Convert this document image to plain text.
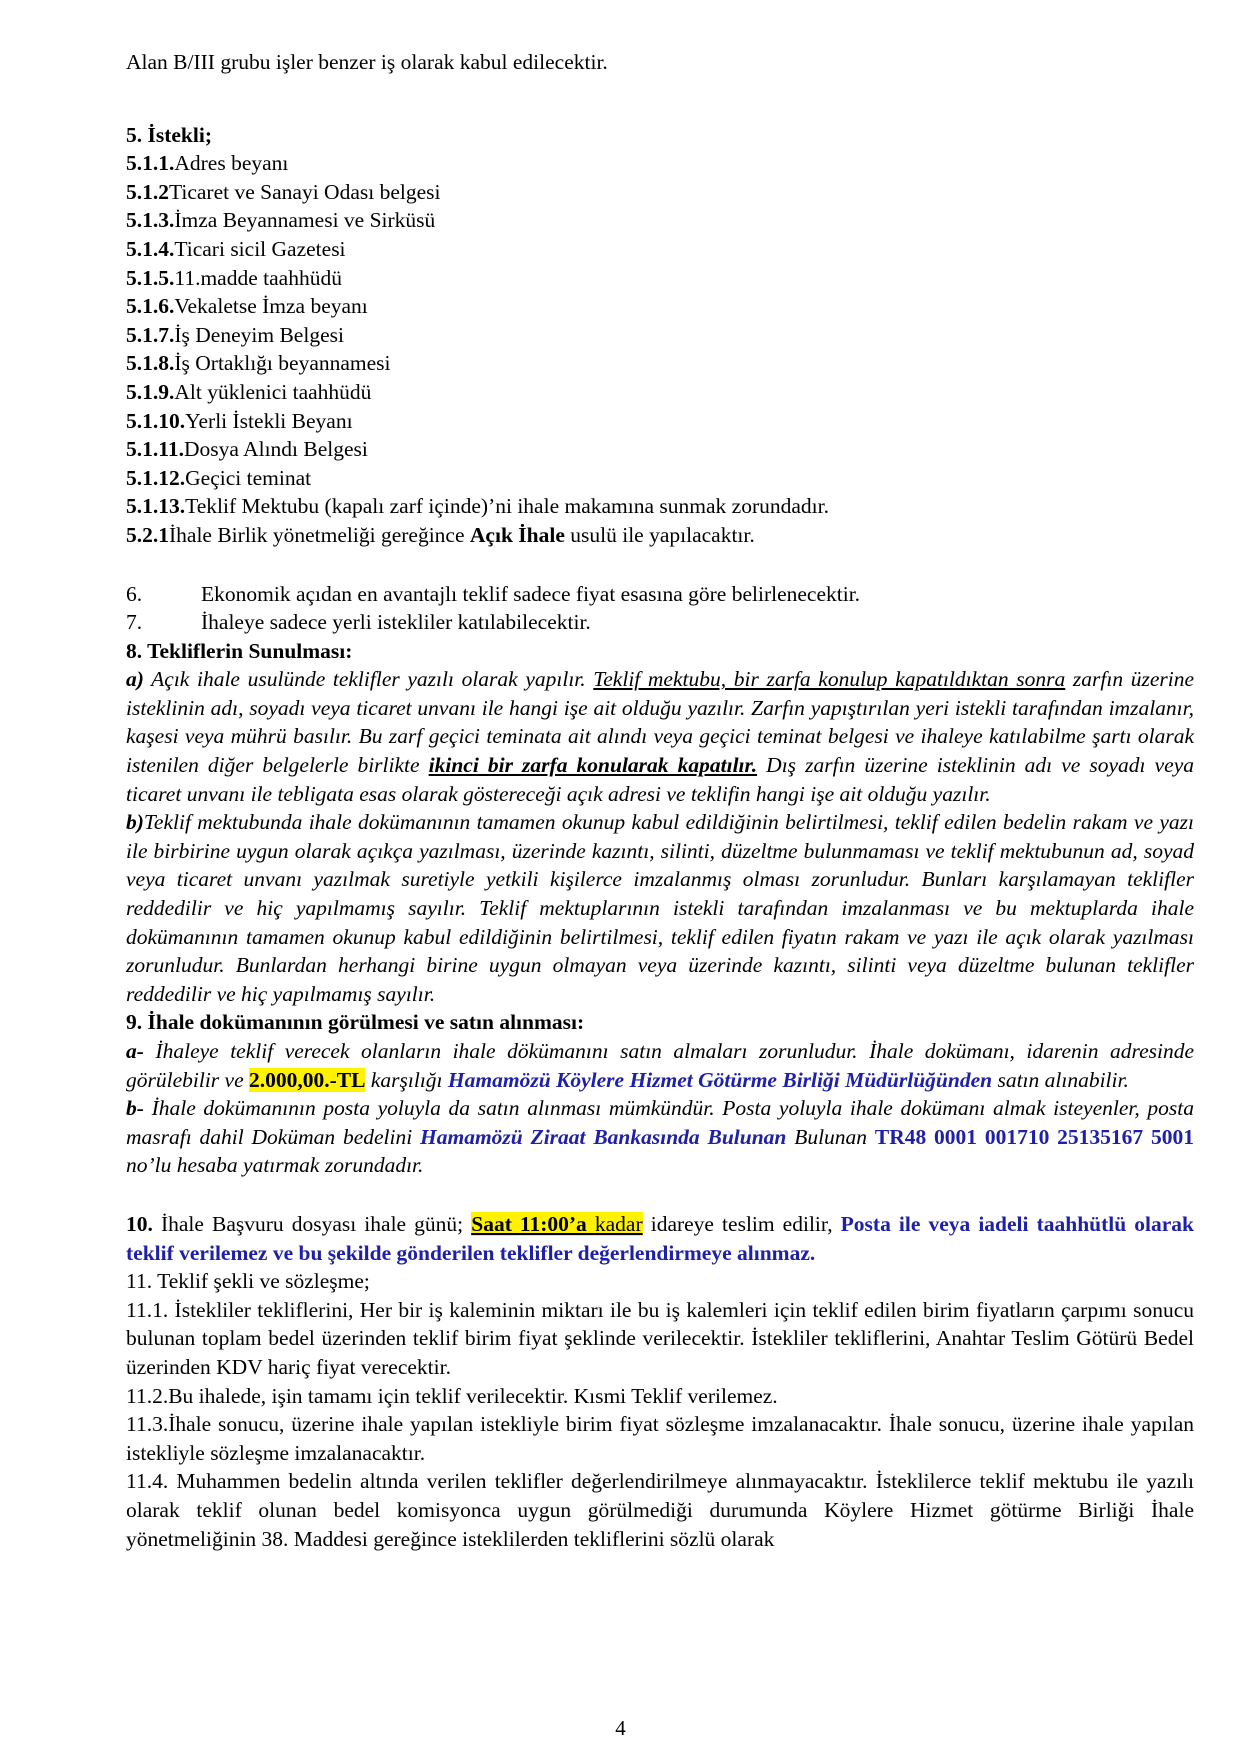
Alan B/III grubu işler benzer iş olarak kabul edilecektir.

5. İstekli;

5.1.1.Adres beyanı

5.1.2Ticaret ve Sanayi Odası belgesi

5.1.3.İmza Beyannamesi ve Sirküsü

5.1.4.Ticari sicil Gazetesi

5.1.5.11.madde taahhüdü

5.1.6.Vekaletse İmza beyanı

5.1.7.İş Deneyim Belgesi

5.1.8.İş Ortaklığı beyannamesi

5.1.9.Alt yüklenici taahhüdü

5.1.10.Yerli İstekli Beyanı

5.1.11.Dosya Alındı Belgesi

5.1.12.Geçici teminat

5.1.13.Teklif Mektubu (kapalı zarf içinde)’ni ihale makamına sunmak zorundadır.

5.2.1İhale Birlik yönetmeliği gereğince Açık İhale usulü ile yapılacaktır.

6.	Ekonomik açıdan en avantajlı teklif sadece fiyat esasına göre belirlenecektir.
7.	İhaleye sadece yerli istekliler katılabilecektir.

8. Tekliflerin Sunulması:

a) Açık ihale usulünde teklifler yazılı olarak yapılır. Teklif mektubu, bir zarfa konulup kapatıldıktan sonra zarfın üzerine isteklinin adı, soyadı veya ticaret unvanı ile hangi işe ait olduğu yazılır. Zarfın yapıştırılan yeri istekli tarafından imzalanır, kaşesi veya mührü basılır. Bu zarf geçici teminata ait alındı veya geçici teminat belgesi ve ihaleye katılabilme şartı olarak istenilen diğer belgelerle birlikte ikinci bir zarfa konularak kapatılır. Dış zarfın üzerine isteklinin adı ve soyadı veya ticaret unvanı ile tebligata esas olarak göstereceği açık adresi ve teklifin hangi işe ait olduğu yazılır.

b)Teklif mektubunda ihale dokümanının tamamen okunup kabul edildiğinin belirtilmesi, teklif edilen bedelin rakam ve yazı ile birbirine uygun olarak açıkça yazılması, üzerinde kazıntı, silinti, düzeltme bulunmaması ve teklif mektubunun ad, soyad veya ticaret unvanı yazılmak suretiyle yetkili kişilerce imzalanmış olması zorunludur. Bunları karşılamayan teklifler reddedilir ve hiç yapılmamış sayılır. Teklif mektuplarının istekli tarafından imzalanması ve bu mektuplarda ihale dokümanının tamamen okunup kabul edildiğinin belirtilmesi, teklif edilen fiyatın rakam ve yazı ile açık olarak yazılması zorunludur. Bunlardan herhangi birine uygun olmayan veya üzerinde kazıntı, silinti veya düzeltme bulunan teklifler reddedilir ve hiç yapılmamış sayılır.

9. İhale dokümanının görülmesi ve satın alınması:

a- İhaleye teklif verecek olanların ihale dökümanını satın almaları zorunludur. İhale dokümanı, idarenin adresinde görülebilir ve 2.000,00.-TL karşılığı Hamamözü Köylere Hizmet Götürme Birliği Müdürlüğünden satın alınabilir.

b- İhale dokümanının posta yoluyla da satın alınması mümkündür. Posta yoluyla ihale dokümanı almak isteyenler, posta masrafı dahil Doküman bedelini Hamamözü Ziraat Bankasında Bulunan Bulunan TR48 0001 001710 25135167 5001 no’lu hesaba yatırmak zorundadır.

10. İhale Başvuru dosyası ihale günü; Saat 11:00’a kadar idareye teslim edilir, Posta ile veya iadeli taahhütlü olarak teklif verilemez ve bu şekilde gönderilen teklifler değerlendirmeye alınmaz.

11. Teklif şekli ve sözleşme;

11.1. İstekliler tekliflerini, Her bir iş kaleminin miktarı ile bu iş kalemleri için teklif edilen birim fiyatların çarpımı sonucu bulunan toplam bedel üzerinden teklif birim fiyat şeklinde verilecektir. İstekliler tekliflerini, Anahtar Teslim Götürü Bedel üzerinden KDV hariç fiyat verecektir.

11.2.Bu ihalede, işin tamamı için teklif verilecektir. Kısmi Teklif verilemez.

11.3.İhale sonucu, üzerine ihale yapılan istekliyle birim fiyat sözleşme imzalanacaktır. İhale sonucu, üzerine ihale yapılan istekliyle sözleşme imzalanacaktır.

11.4. Muhammen bedelin altında verilen teklifler değerlendirilmeye alınmayacaktır. İsteklilerce teklif mektubu ile yazılı olarak teklif olunan bedel komisyonca uygun görülmediği durumunda Köylere Hizmet götürme Birliği İhale yönetmeliğinin 38. Maddesi gereğince isteklilerden tekliflerini sözlü olarak

4
